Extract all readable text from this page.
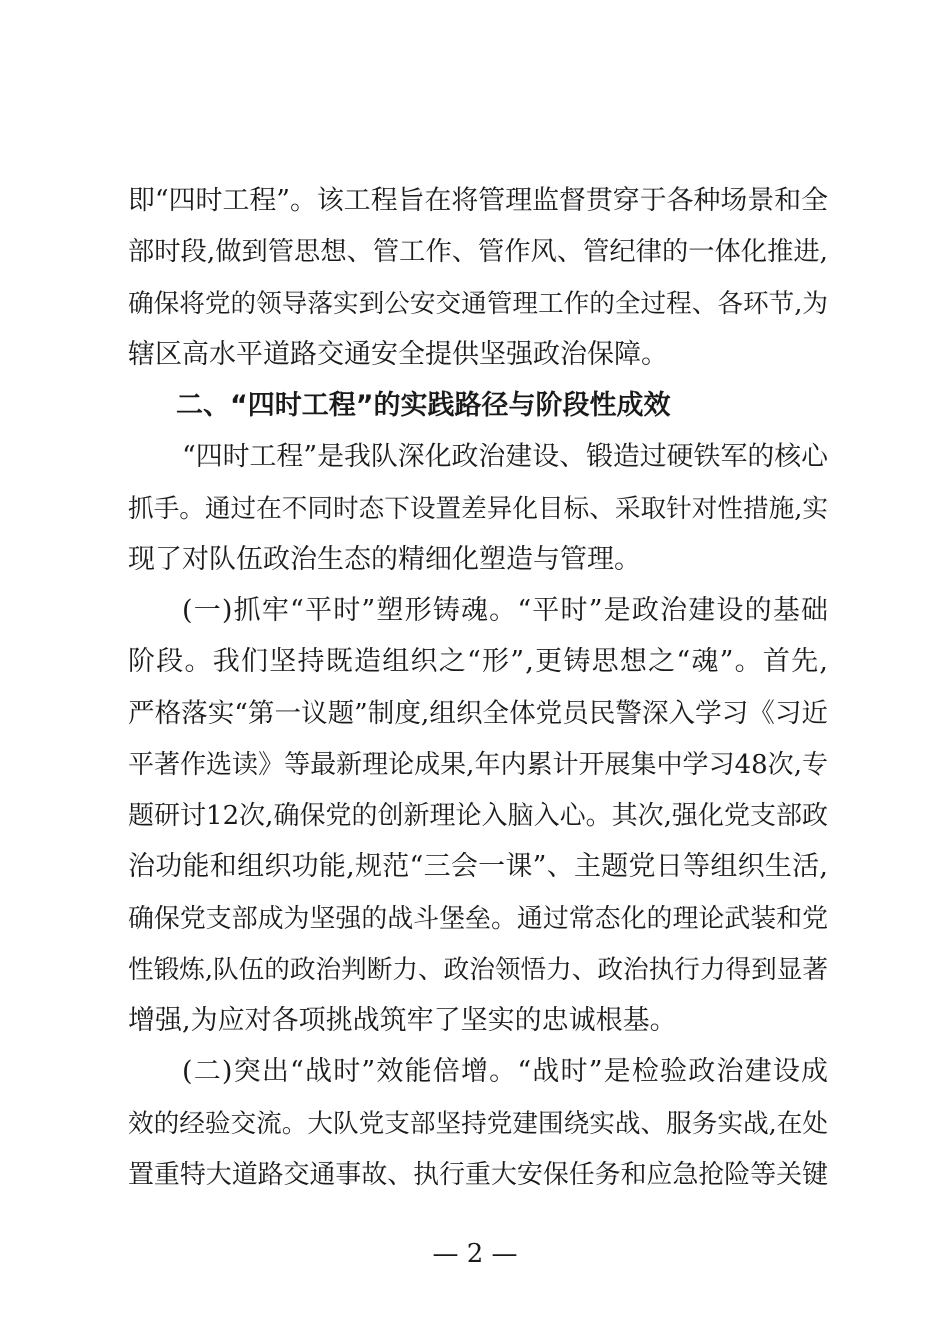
即“四时工程”。该工程旨在将管理监督贯穿于各种场景和全
部时段,做到管思想、管工作、管作风、管纪律的一体化推进,
确保将党的领导落实到公安交通管理工作的全过程、各环节,为
辖区高水平道路交通安全提供坚强政治保障。
二、“四时工程”的实践路径与阶段性成效
“四时工程”是我队深化政治建设、锻造过硬铁军的核心
抓手。通过在不同时态下设置差异化目标、采取针对性措施,实
现了对队伍政治生态的精细化塑造与管理。
(一)抓牢“平时”塑形铸魂。“平时”是政治建设的基础
阶段。我们坚持既造组织之“形”,更铸思想之“魂”。首先,
严格落实“第一议题”制度,组织全体党员民警深入学习《习近
平著作选读》等最新理论成果,年内累计开展集中学习48次,专
题研讨12次,确保党的创新理论入脑入心。其次,强化党支部政
治功能和组织功能,规范“三会一课”、主题党日等组织生活,
确保党支部成为坚强的战斗堡垒。通过常态化的理论武装和党
性锻炼,队伍的政治判断力、政治领悟力、政治执行力得到显著
增强,为应对各项挑战筑牢了坚实的忠诚根基。
(二)突出“战时”效能倍增。“战时”是检验政治建设成
效的经验交流。大队党支部坚持党建围绕实战、服务实战,在处
置重特大道路交通事故、执行重大安保任务和应急抢险等关键
— 2 —
